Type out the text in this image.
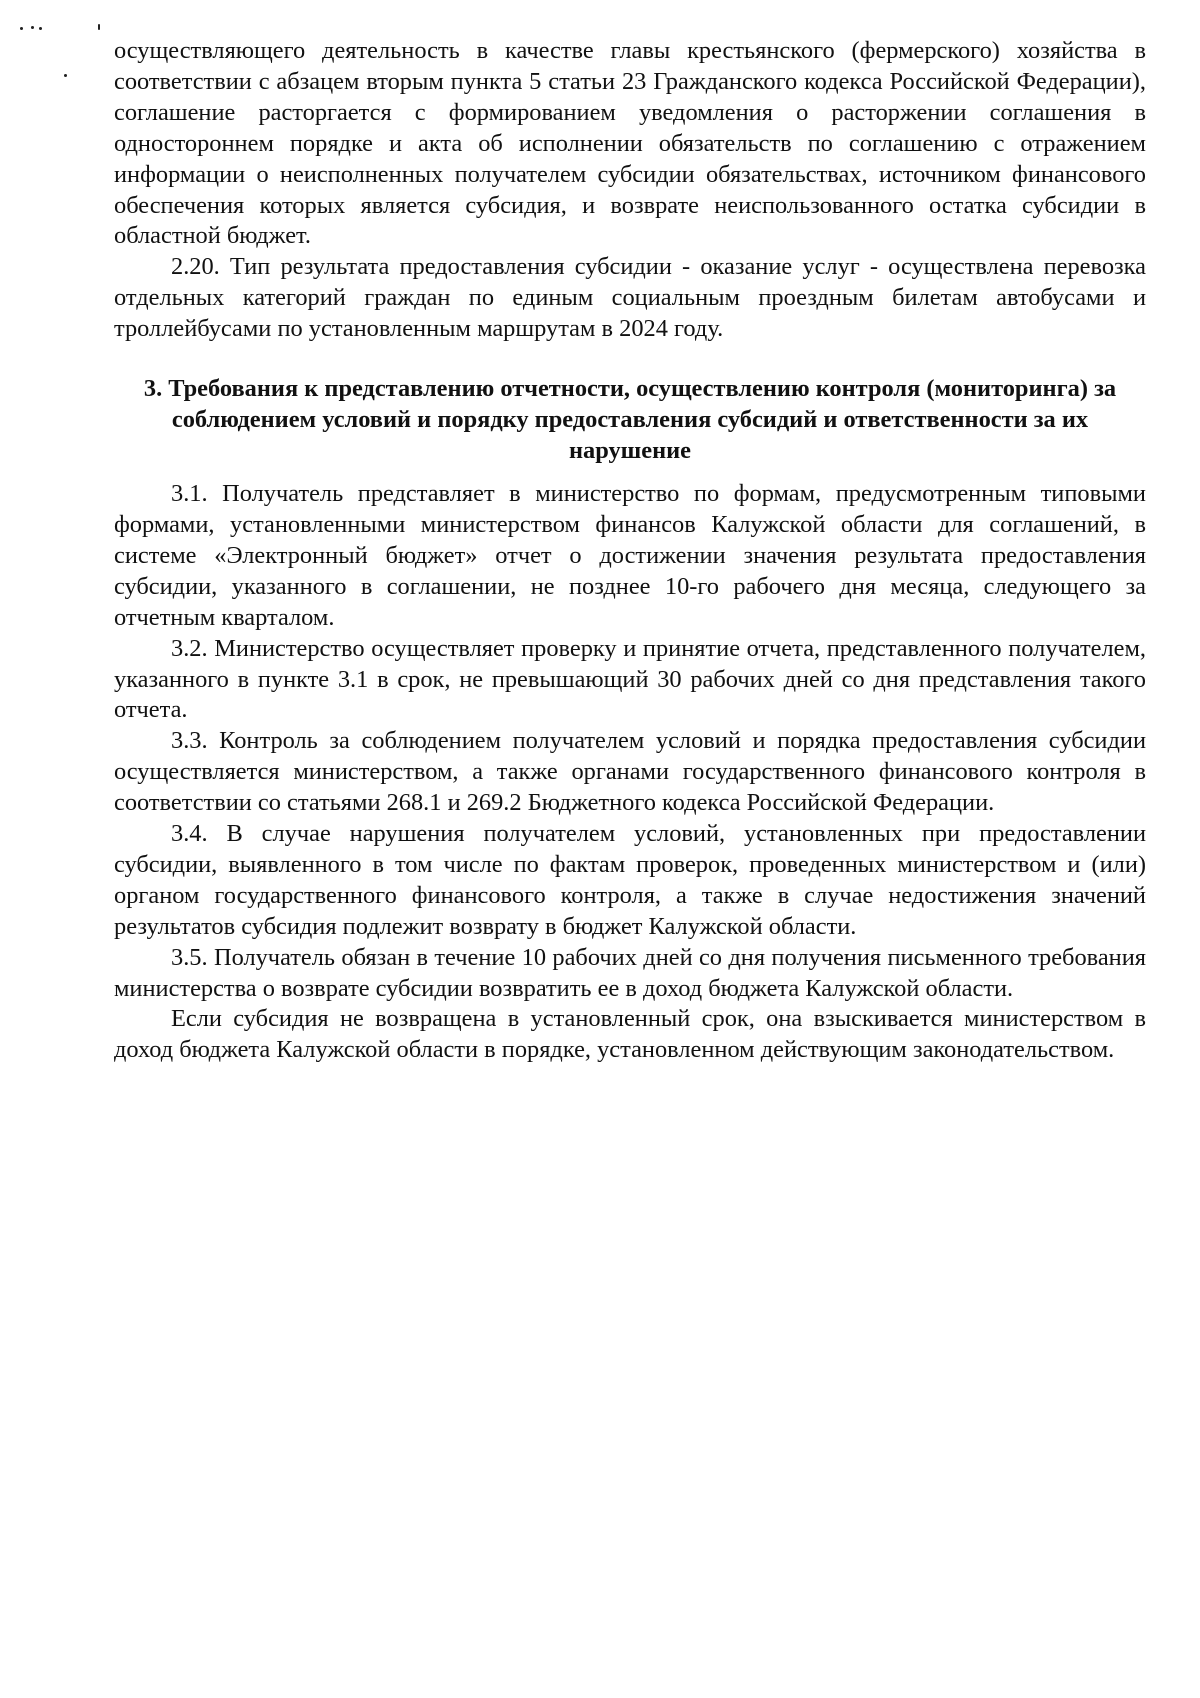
осуществляющего деятельность в качестве главы крестьянского (фермерского) хозяйства в соответствии с абзацем вторым пункта 5 статьи 23 Гражданского кодекса Российской Федерации), соглашение расторгается с формированием уведомления о расторжении соглашения в одностороннем порядке и акта об исполнении обязательств по соглашению с отражением информации о неисполненных получателем субсидии обязательствах, источником финансового обеспечения которых является субсидия, и возврате неиспользованного остатка субсидии в областной бюджет.

2.20. Тип результата предоставления субсидии - оказание услуг - осуществлена перевозка отдельных категорий граждан по единым социальным проездным билетам автобусами и троллейбусами по установленным маршрутам в 2024 году.

3. Требования к представлению отчетности, осуществлению контроля (мониторинга) за соблюдением условий и порядку предоставления субсидий и ответственности за их нарушение

3.1. Получатель представляет в министерство по формам, предусмотренным типовыми формами, установленными министерством финансов Калужской области для соглашений, в системе «Электронный бюджет» отчет о достижении значения результата предоставления субсидии, указанного в соглашении, не позднее 10-го рабочего дня месяца, следующего за отчетным кварталом.

3.2. Министерство осуществляет проверку и принятие отчета, представленного получателем, указанного в пункте 3.1 в срок, не превышающий 30 рабочих дней со дня представления такого отчета.

3.3. Контроль за соблюдением получателем условий и порядка предоставления субсидии осуществляется министерством, а также органами государственного финансового контроля в соответствии со статьями 268.1 и 269.2 Бюджетного кодекса Российской Федерации.

3.4. В случае нарушения получателем условий, установленных при предоставлении субсидии, выявленного в том числе по фактам проверок, проведенных министерством и (или) органом государственного финансового контроля, а также в случае недостижения значений результатов субсидия подлежит возврату в бюджет Калужской области.

3.5. Получатель обязан в течение 10 рабочих дней со дня получения письменного требования министерства о возврате субсидии возвратить ее в доход бюджета Калужской области.

Если субсидия не возвращена в установленный срок, она взыскивается министерством в доход бюджета Калужской области в порядке, установленном действующим законодательством.
